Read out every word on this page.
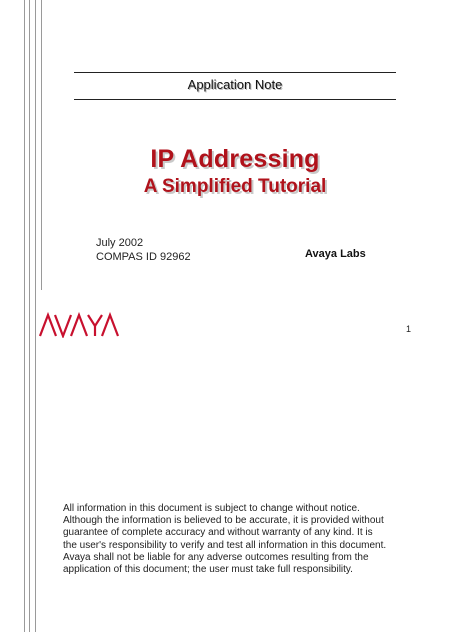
Application Note
IP Addressing
A Simplified Tutorial
July 2002
COMPAS ID 92962	Avaya Labs
1
All information in this document is subject to change without notice.
Although the information is believed to be accurate, it is provided without
guarantee of complete accuracy and without warranty of any kind. It is
the user's responsibility to verify and test all information in this document.
Avaya shall not be liable for any adverse outcomes resulting from the
application of this document; the user must take full responsibility.
